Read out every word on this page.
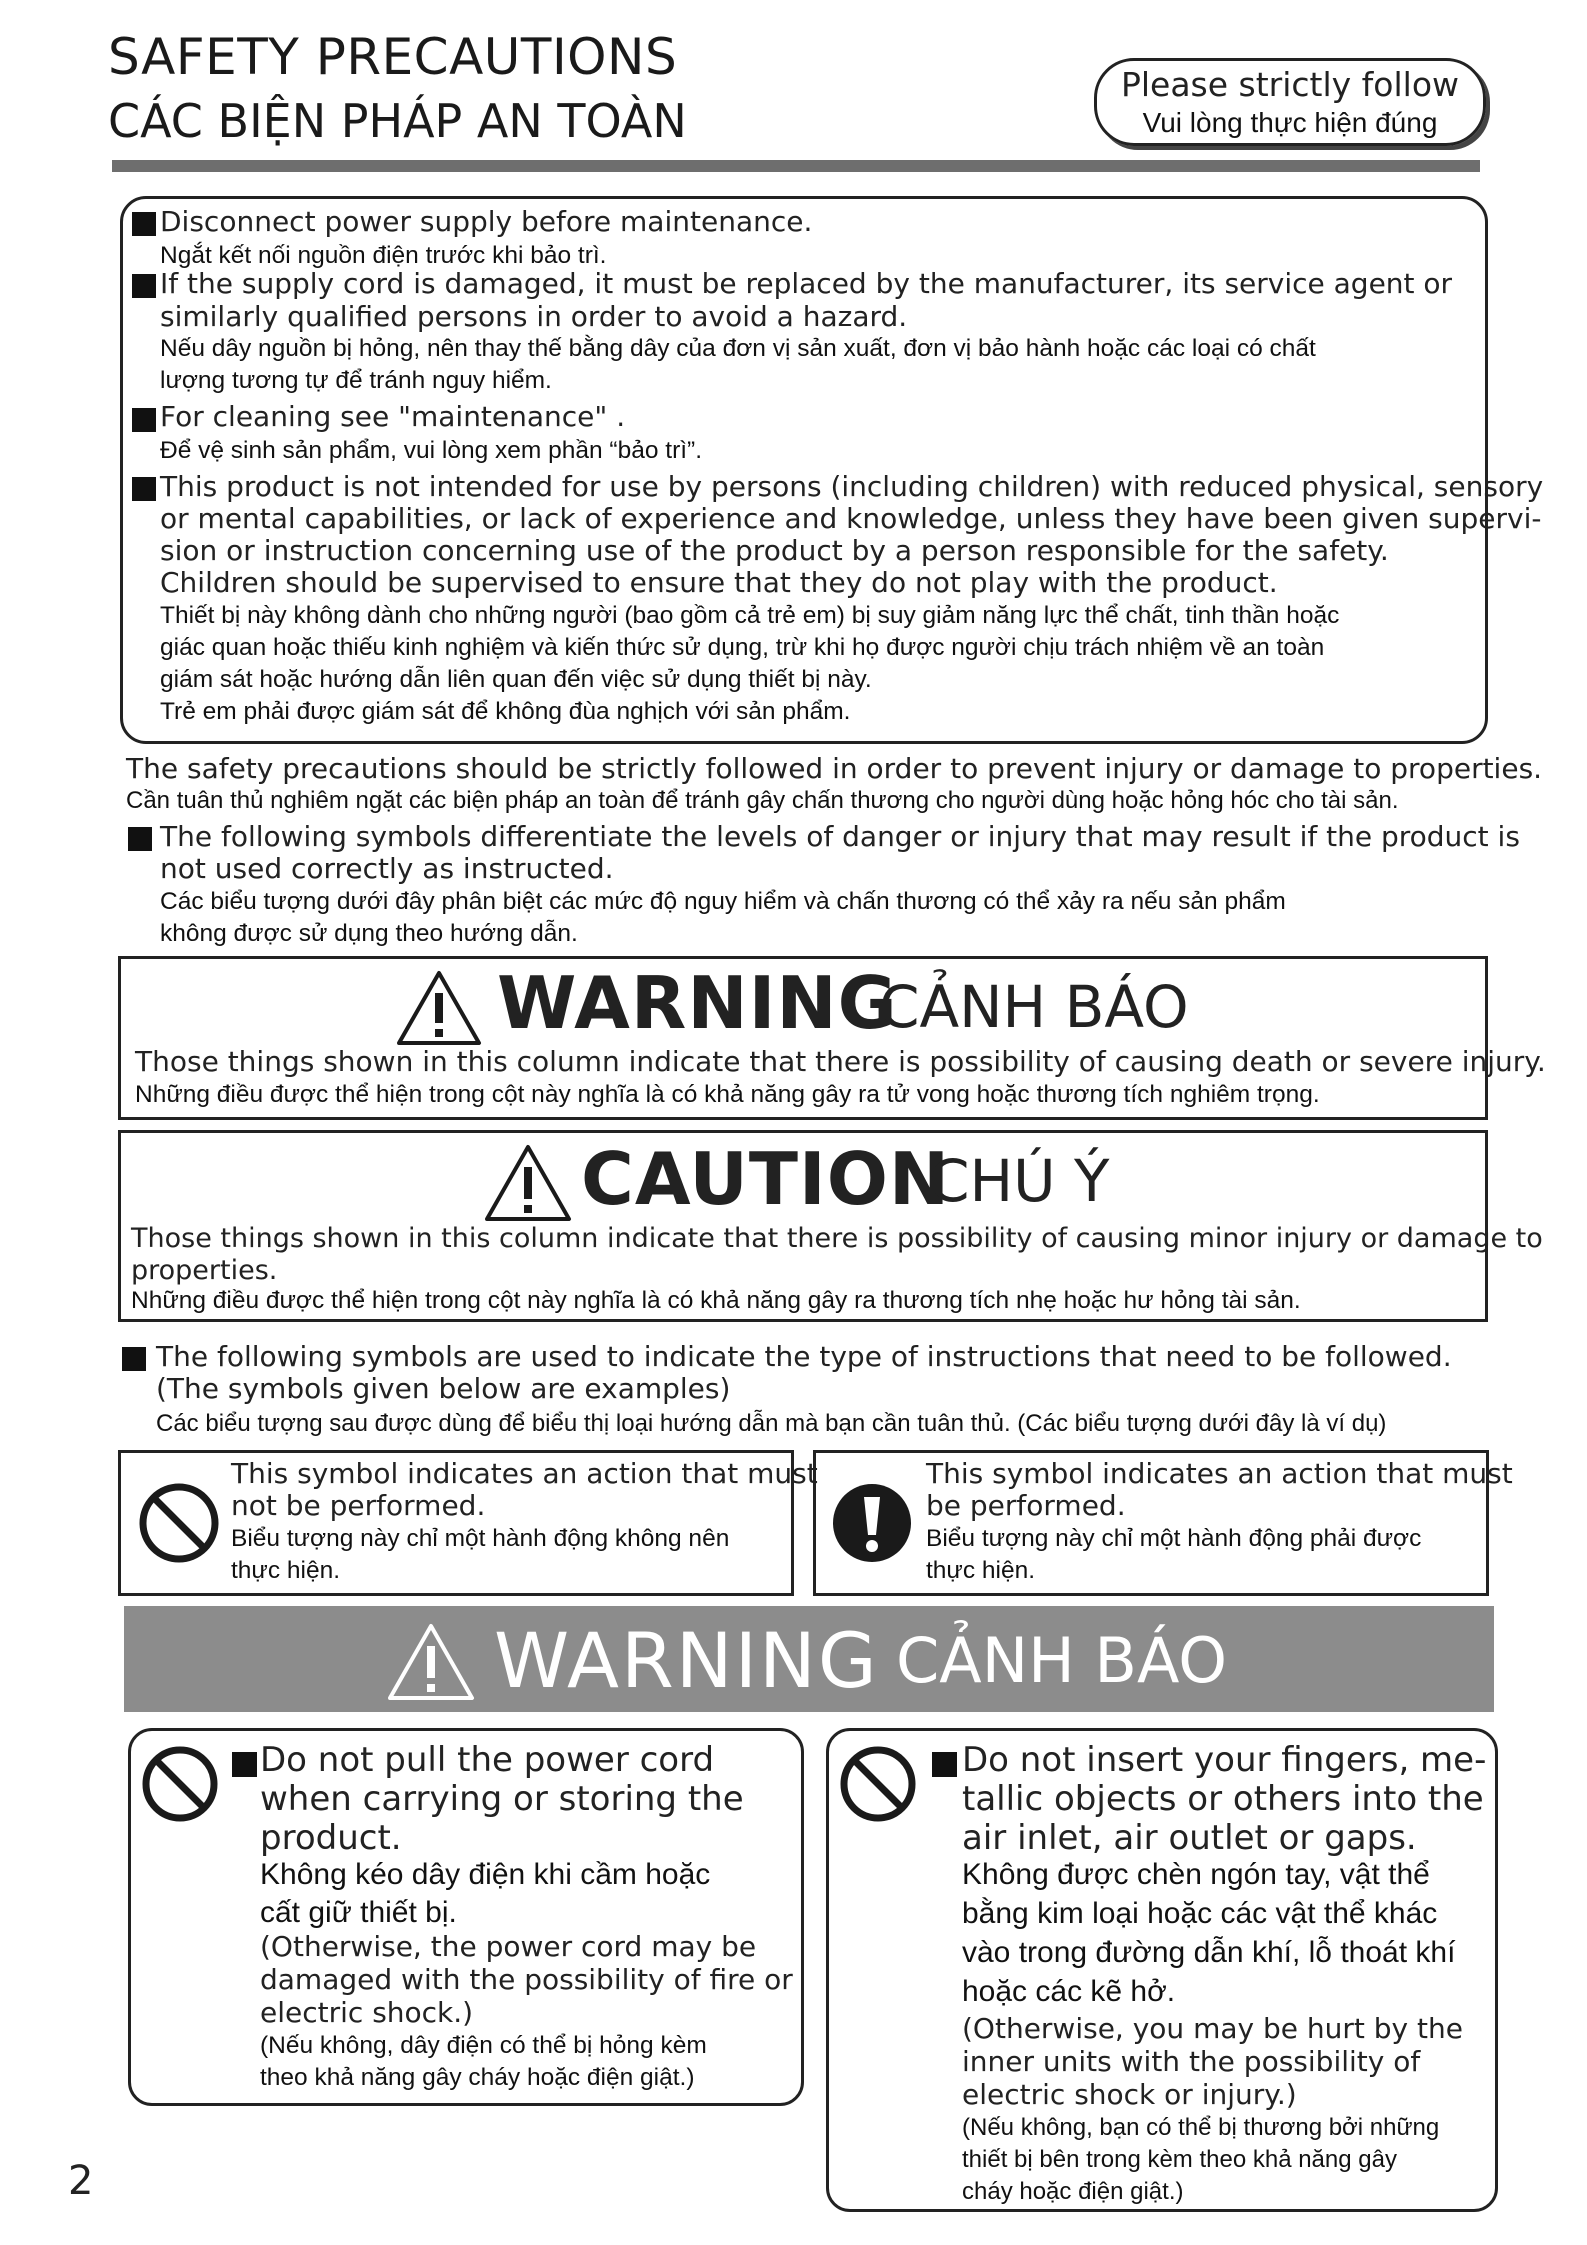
SAFETY PRECAUTIONS
CÁC BIỆN PHÁP AN TOÀN
Please strictly follow
Vui lòng thực hiện đúng
Disconnect power supply before maintenance.
Ngắt kết nối nguồn điện trước khi bảo trì.
If the supply cord is damaged, it must be replaced by the manufacturer, its service agent or
similarly qualified persons in order to avoid a hazard.
Nếu dây nguồn bị hỏng, nên thay thế bằng dây của đơn vị sản xuất, đơn vị bảo hành hoặc các loại có chất
lượng tương tự để tránh nguy hiểm.
For cleaning see "maintenance" .
Để vệ sinh sản phẩm, vui lòng xem phần “bảo trì”.
This product is not intended for use by persons (including children) with reduced physical, sensory
or mental capabilities, or lack of experience and knowledge, unless they have been given supervi-
sion or instruction concerning use of the product by a person responsible for the safety.
Children should be supervised to ensure that they do not play with the product.
Thiết bị này không dành cho những người (bao gồm cả trẻ em) bị suy giảm năng lực thể chất, tinh thần hoặc
giác quan hoặc thiếu kinh nghiệm và kiến thức sử dụng, trừ khi họ được người chịu trách nhiệm về an toàn
giám sát hoặc hướng dẫn liên quan đến việc sử dụng thiết bị này.
Trẻ em phải được giám sát để không đùa nghịch với sản phẩm.
The safety precautions should be strictly followed in order to prevent injury or damage to properties.
Cần tuân thủ nghiêm ngặt các biện pháp an toàn để tránh gây chấn thương cho người dùng hoặc hỏng hóc cho tài sản.
The following symbols differentiate the levels of danger or injury that may result if the product is
not used correctly as instructed.
Các biểu tượng dưới đây phân biệt các mức độ nguy hiểm và chấn thương có thể xảy ra nếu sản phẩm
không được sử dụng theo hướng dẫn.
WARNING
CẢNH BÁO
Those things shown in this column indicate that there is possibility of causing death or severe injury.
Những điều được thể hiện trong cột này nghĩa là có khả năng gây ra tử vong hoặc thương tích nghiêm trọng.
CAUTION
CHÚ Ý
Those things shown in this column indicate that there is possibility of causing minor injury or damage to
properties.
Những điều được thể hiện trong cột này nghĩa là có khả năng gây ra thương tích nhẹ hoặc hư hỏng tài sản.
The following symbols are used to indicate the type of instructions that need to be followed.
(The symbols given below are examples)
Các biểu tượng sau được dùng để biểu thị loại hướng dẫn mà bạn cần tuân thủ. (Các biểu tượng dưới đây là ví dụ)
This symbol indicates an action that must
not be performed.
Biểu tượng này chỉ một hành động không nên
thực hiện.
This symbol indicates an action that must
be performed.
Biểu tượng này chỉ một hành động phải được
thực hiện.
WARNING CẢNH BÁO
Do not pull the power cord
when carrying or storing the
product.
Không kéo dây điện khi cầm hoặc
cất giữ thiết bị.
(Otherwise, the power cord may be
damaged with the possibility of fire or
electric shock.)
(Nếu không, dây điện có thể bị hỏng kèm
theo khả năng gây cháy hoặc điện giật.)
Do not insert your fingers, me-
tallic objects or others into the
air inlet, air outlet or gaps.
Không được chèn ngón tay, vật thể
bằng kim loại hoặc các vật thể khác
vào trong đường dẫn khí, lỗ thoát khí
hoặc các kẽ hở.
(Otherwise, you may be hurt by the
inner units with the possibility of
electric shock or injury.)
(Nếu không, bạn có thể bị thương bởi những
thiết bị bên trong kèm theo khả năng gây
cháy hoặc điện giật.)
2
